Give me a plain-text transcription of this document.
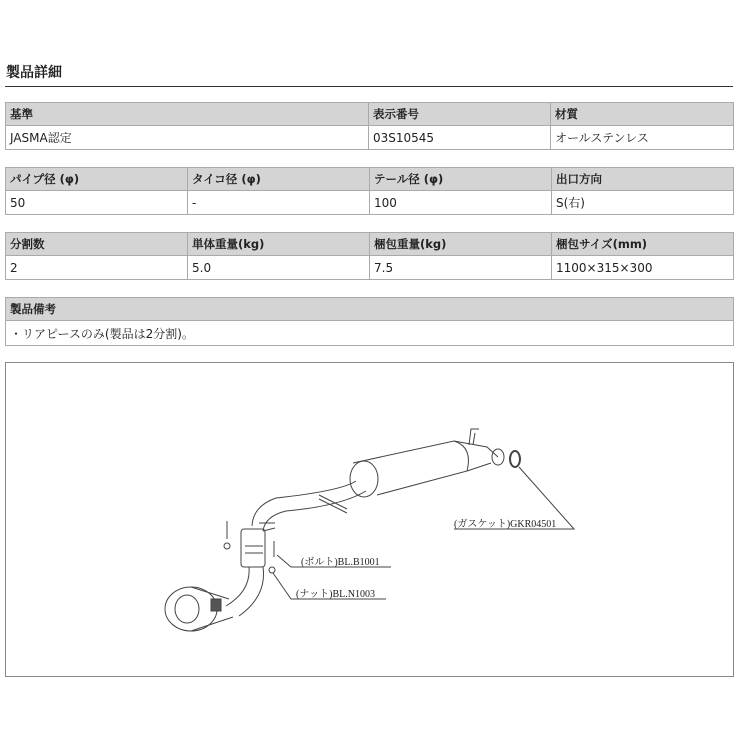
製品詳細
基準	表示番号	材質
JASMA認定	03S10545	オールステンレス
パイプ径 (φ)	タイコ径 (φ)	テール径 (φ)	出口方向
50	-	100	S(右)
分割数	単体重量(kg)	梱包重量(kg)	梱包サイズ(mm)
2	5.0	7.5	1100×315×300
製品備考
・リアピースのみ(製品は2分割)。
(ガスケット)GKR04501
(ボルト)BL.B1001
(ナット)BL.N1003
